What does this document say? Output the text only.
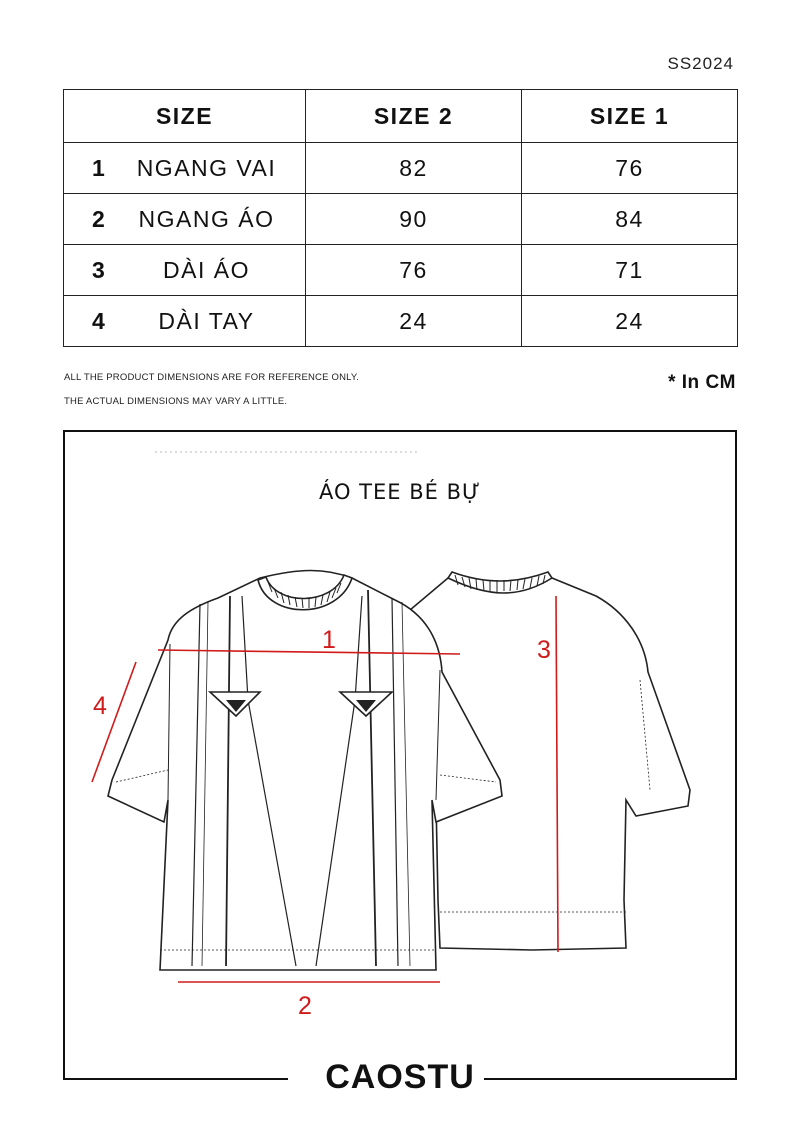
SS2024
SIZE	SIZE 2	SIZE 1

1 NGANG VAI	82	76

2 NGANG ÁO	90	84

3 DÀI ÁO	76	71

4 DÀI TAY	24	24
ALL THE PRODUCT DIMENSIONS ARE FOR REFERENCE ONLY.
THE ACTUAL DIMENSIONS MAY VARY A LITTLE.
* In CM
ÁO TEE BÉ BỰ
1
2
3
4
CAOSTU
